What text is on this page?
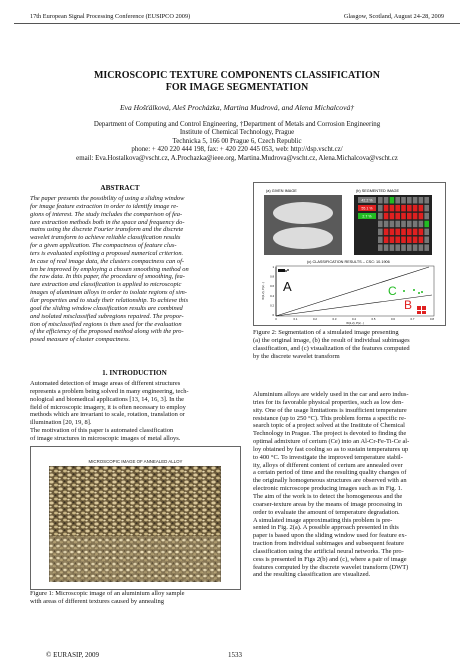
17th European Signal Processing Conference (EUSIPCO 2009)	Glasgow, Scotland, August 24-28, 2009
MICROSCOPIC TEXTURE COMPONENTS CLASSIFICATION
FOR IMAGE SEGMENTATION
Eva Hošťálková, Aleš Procházka, Martina Mudrová, and Alena Michalcová†
Department of Computing and Control Engineering, †Department of Metals and Corrosion Engineering
Institute of Chemical Technology, Prague
Technicka 5, 166 00 Prague 6, Czech Republic
phone: + 420 220 444 198, fax: + 420 220 445 053, web: http://dsp.vscht.cz/
email: Eva.Hostalkova@vscht.cz, A.Prochazka@ieee.org, Martina.Mudrova@vscht.cz, Alena.Michalcova@vscht.cz
ABSTRACT
The paper presents the possibility of using a sliding window
for image feature extraction in order to identify image re-
gions of interest. The study includes the comparison of fea-
ture extraction methods both in the space and frequency do-
mains using the discrete Fourier transform and the discrete
wavelet transform to achieve reliable classification results
for a given application. The compactness of feature clus-
ters is evaluated exploiting a proposed numerical criterion.
In case of real image data, the clusters compactness can of-
ten be improved by employing a chosen smoothing method on
the raw data. In this paper, the procedure of smoothing, fea-
ture extraction and classification is applied to microscopic
images of aluminum alloys in order to isolate regions of sim-
ilar properties and to study their relationship. To achieve this
goal the sliding window classification results are combined
and isolated misclassified subregions repaired. The propor-
tion of misclassified regions is then used for the evaluation
of the efficiency of the proposed method along with the pro-
posed measure of cluster compactness.
1. INTRODUCTION
Automated detection of image areas of different structures
represents a problem being solved in many engineering, tech-
nological and biomedical applications [13, 14, 16, 3]. In the
field of microscopic imagery, it is often necessary to employ
methods which are invariant to scale, rotation, translation or
illumination [20, 19, 8].
The motivation of this paper is automated classification
of image structures in microscopic images of metal alloys.
MICROSCOPIC IMAGE OF ANNEALED ALLOY
Figure 1: Microscopic image of an aluminium alloy sample
with areas of different textures caused by annealing
(a) GIVEN IMAGE	(b) SEGMENTED IMAGE
42.2 %
55.1 %
2.7 %
(c) CLASSIFICATION RESULTS – CSC: 10.1906
A
B
C
1
0.8
0.6
0.4
0.2
0
0	0.1	0.2	0.3	0.4	0.5	0.6	0.7	0.8
W(1,2), P(2,..)
W(1,2), P(2,..)
Figure 2: Segmentation of a simulated image presenting
(a) the original image, (b) the result of individual subimages
classification, and (c) visualization of the features computed
by the discrete wavelet transform
Aluminium alloys are widely used in the car and aero indus-
tries for its favorable physical properties, such as low den-
sity. One of the usage limitations is insufficient temperature
resistance (up to 250 °C). This problem forms a specific re-
search topic of a project solved at the Institute of Chemical
Technology in Prague. The project is devoted to finding the
optimal admixture of cerium (Ce) into an Al-Cr-Fe-Ti-Ce al-
loy obtained by fast cooling so as to sustain temperatures up
to 400 °C. To investigate the improved temperature stabil-
ity, alloys of different content of cerium are annealed over
a certain period of time and the resulting quality changes of
the originally homogeneous structures are observed with an
electronic microscope producing images such as in Fig. 1.
The aim of the work is to detect the homogeneous and the
coarser-texture areas by the means of image processing in
order to evaluate the amount of temperature degradation.
A simulated image approximating this problem is pre-
sented in Fig. 2(a). A possible approach presented in this
paper is based upon the sliding window used for feature ex-
traction from individual subimages and subsequent feature
classification using the artificial neural networks. The pro-
cess is presented in Figs 2(b) and (c), where a pair of image
features computed by the discrete wavelet transform (DWT)
and the resulting classification are visualized.
© EURASIP, 2009	1533
